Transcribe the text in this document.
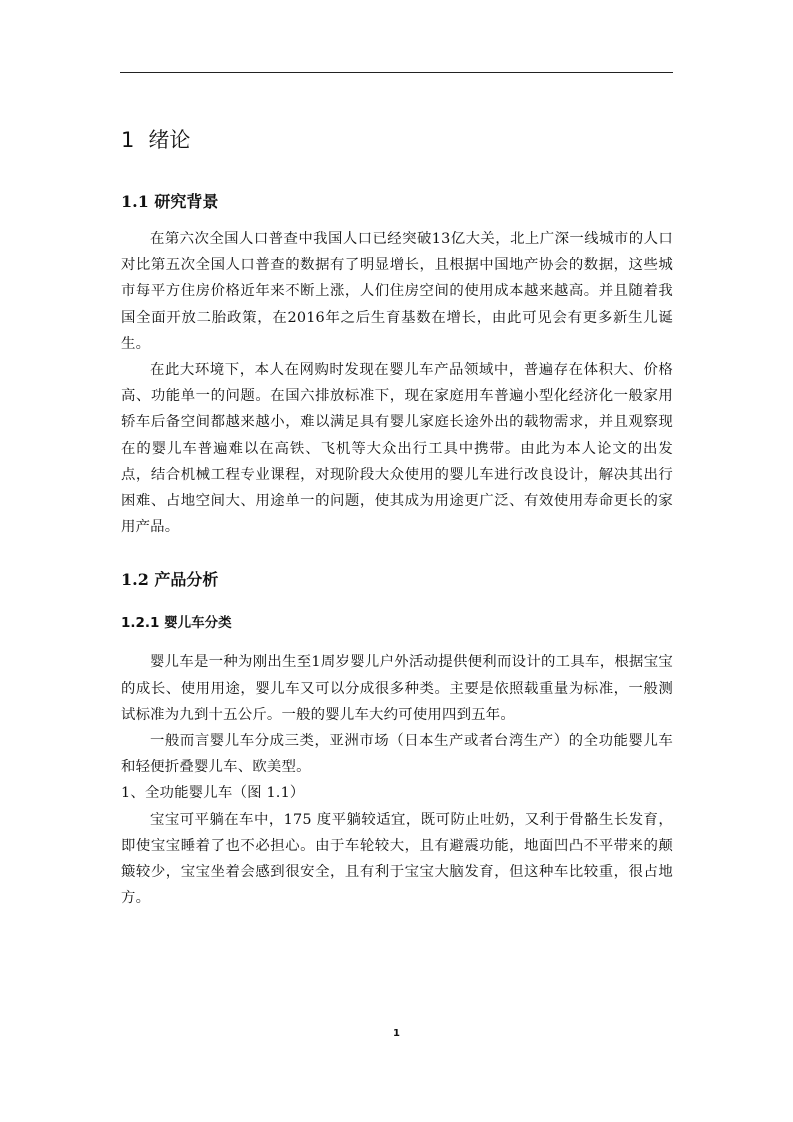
1 绪论
1.1 研究背景

在第六次全国人口普查中我国人口已经突破13亿大关，北上广深一线城市的人口对比第五次全国人口普查的数据有了明显增长，且根据中国地产协会的数据，这些城市每平方住房价格近年来不断上涨，人们住房空间的使用成本越来越高。并且随着我国全面开放二胎政策，在2016年之后生育基数在增长，由此可见会有更多新生儿诞生。

在此大环境下，本人在网购时发现在婴儿车产品领域中，普遍存在体积大、价格高、功能单一的问题。在国六排放标准下，现在家庭用车普遍小型化经济化一般家用轿车后备空间都越来越小，难以满足具有婴儿家庭长途外出的载物需求，并且观察现在的婴儿车普遍难以在高铁、飞机等大众出行工具中携带。由此为本人论文的出发点，结合机械工程专业课程，对现阶段大众使用的婴儿车进行改良设计，解决其出行困难、占地空间大、用途单一的问题，使其成为用途更广泛、有效使用寿命更长的家用产品。

1.2 产品分析
1.2.1 婴儿车分类

婴儿车是一种为刚出生至1周岁婴儿户外活动提供便利而设计的工具车，根据宝宝的成长、使用用途，婴儿车又可以分成很多种类。主要是依照载重量为标准，一般测试标准为九到十五公斤。一般的婴儿车大约可使用四到五年。

一般而言婴儿车分成三类，亚洲市场（日本生产或者台湾生产）的全功能婴儿车和轻便折叠婴儿车、欧美型。

1、全功能婴儿车（图 1.1）

宝宝可平躺在车中，175 度平躺较适宜，既可防止吐奶，又利于骨骼生长发育，即使宝宝睡着了也不必担心。由于车轮较大，且有避震功能，地面凹凸不平带来的颠簸较少，宝宝坐着会感到很安全，且有利于宝宝大脑发育，但这种车比较重，很占地方。

1
